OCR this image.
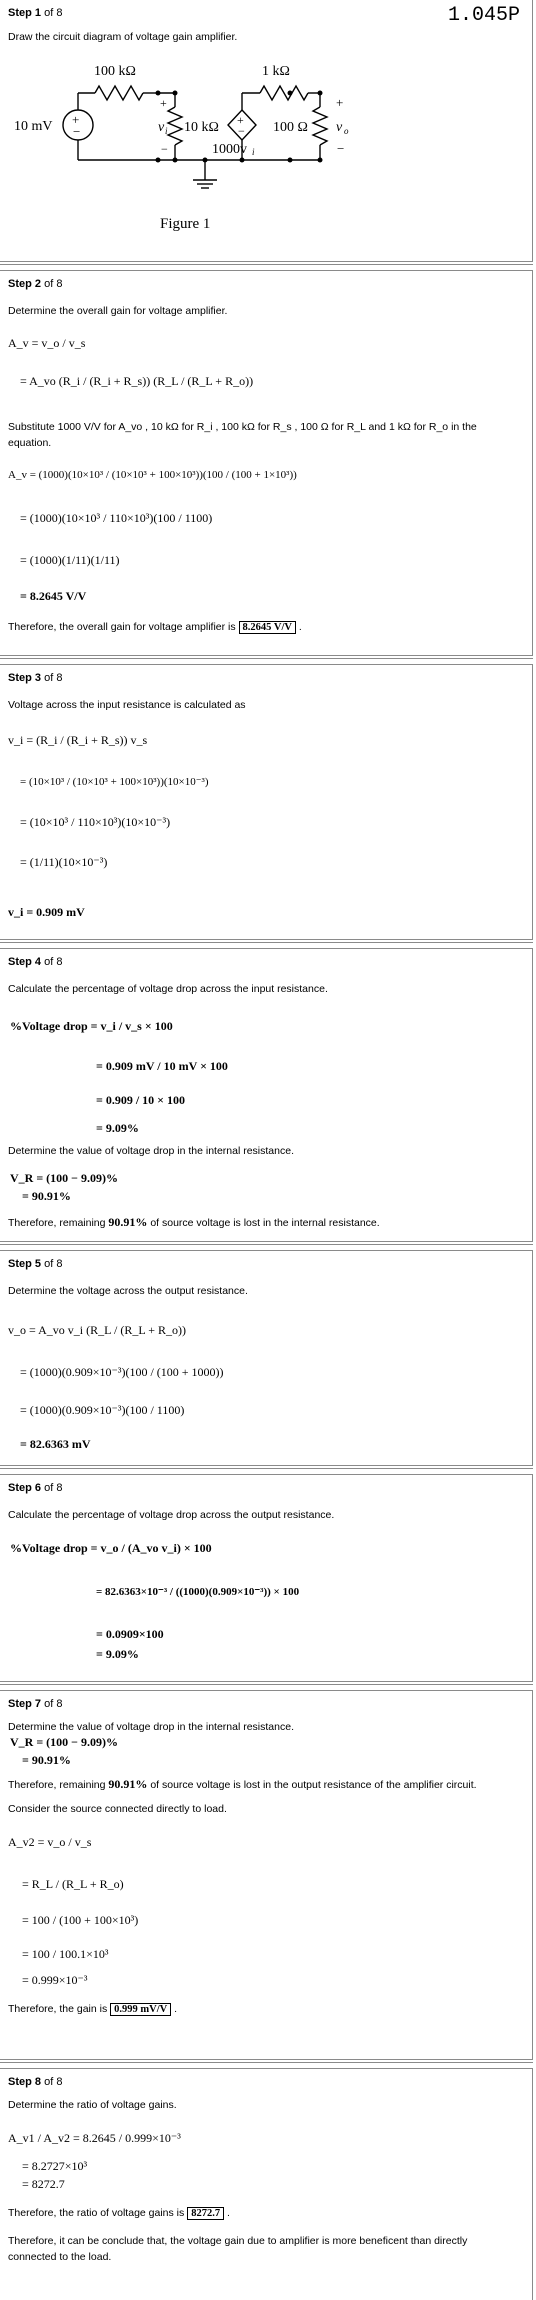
Step 1 of 8	1.045P
Draw the circuit diagram of voltage gain amplifier.
+
−
+
−
100 kΩ
10 mV
+
v i
−
10 kΩ
1 kΩ
1000v i
100 Ω
+
v o
−
Figure 1
Step 2 of 8
Determine the overall gain for voltage amplifier.
A_v = v_o / v_s
= A_vo (R_i / (R_i + R_s)) (R_L / (R_L + R_o))
Substitute 1000 V/V for A_vo , 10 kΩ for R_i , 100 kΩ for R_s , 100 Ω for R_L and 1 kΩ for R_o in the
equation.
A_v = (1000)(10×10³ / (10×10³ + 100×10³))(100 / (100 + 1×10³))
= (1000)(10×10³ / 110×10³)(100 / 1100)
= (1000)(1/11)(1/11)
= 8.2645 V/V
Therefore, the overall gain for voltage amplifier is 8.2645 V/V .
Step 3 of 8
Voltage across the input resistance is calculated as
v_i = (R_i / (R_i + R_s)) v_s
= (10×10³ / (10×10³ + 100×10³))(10×10⁻³)
= (10×10³ / 110×10³)(10×10⁻³)
= (1/11)(10×10⁻³)
v_i = 0.909 mV
Step 4 of 8
Calculate the percentage of voltage drop across the input resistance.
%Voltage drop = v_i / v_s × 100
= 0.909 mV / 10 mV × 100
= 0.909 / 10 × 100
= 9.09%
Determine the value of voltage drop in the internal resistance.
V_R = (100 − 9.09)%
= 90.91%
Therefore, remaining 90.91% of source voltage is lost in the internal resistance.
Step 5 of 8
Determine the voltage across the output resistance.
v_o = A_vo v_i (R_L / (R_L + R_o))
= (1000)(0.909×10⁻³)(100 / (100 + 1000))
= (1000)(0.909×10⁻³)(100 / 1100)
= 82.6363 mV
Step 6 of 8
Calculate the percentage of voltage drop across the output resistance.
%Voltage drop = v_o / (A_vo v_i) × 100
= 82.6363×10⁻³ / ((1000)(0.909×10⁻³)) × 100
= 0.0909×100
= 9.09%
Step 7 of 8
Determine the value of voltage drop in the internal resistance.
V_R = (100 − 9.09)%
= 90.91%
Therefore, remaining 90.91% of source voltage is lost in the output resistance of the amplifier circuit.
Consider the source connected directly to load.
A_v2 = v_o / v_s
= R_L / (R_L + R_o)
= 100 / (100 + 100×10³)
= 100 / 100.1×10³
= 0.999×10⁻³
Therefore, the gain is 0.999 mV/V .
Step 8 of 8
Determine the ratio of voltage gains.
A_v1 / A_v2 = 8.2645 / 0.999×10⁻³
= 8.2727×10³
= 8272.7
Therefore, the ratio of voltage gains is 8272.7 .
Therefore, it can be conclude that, the voltage gain due to amplifier is more beneficent than directly
connected to the load.
